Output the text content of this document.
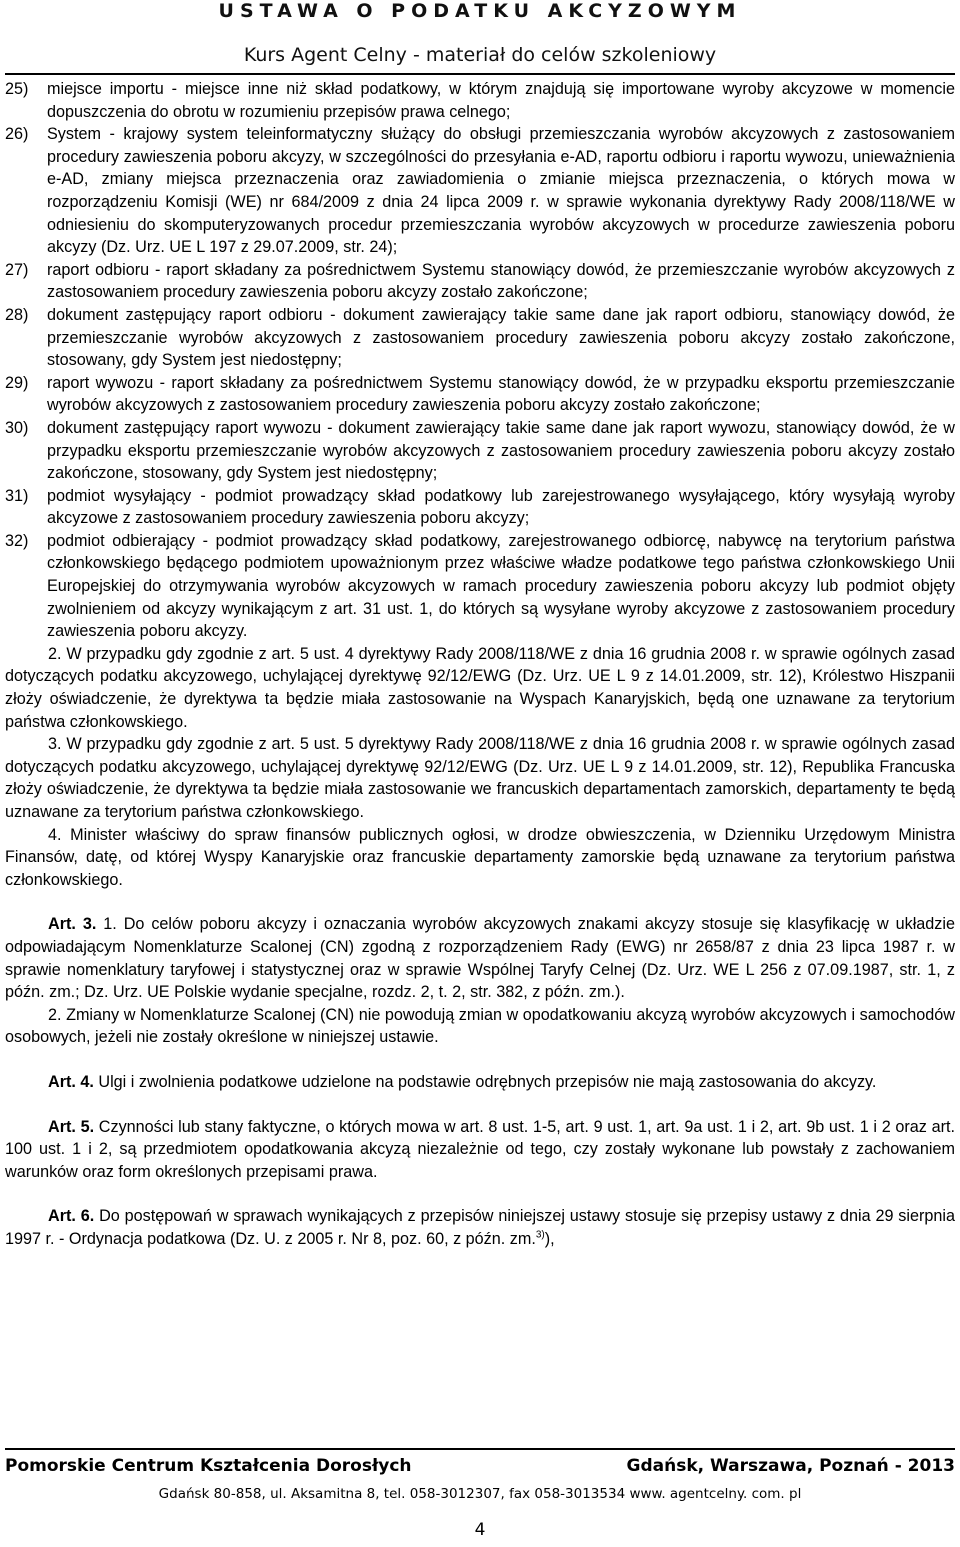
USTAWA O PODATKU AKCYZOWYM
Kurs Agent Celny - materiał do celów szkoleniowy
25)	miejsce importu - miejsce inne niż skład podatkowy, w którym znajdują się importowane wyroby akcyzowe w momencie dopuszczenia do obrotu w rozumieniu przepisów prawa celnego;
26)	System - krajowy system teleinformatyczny służący do obsługi przemieszczania wyrobów akcyzowych z zastosowaniem procedury zawieszenia poboru akcyzy, w szczególności do przesyłania e-AD, raportu odbioru i raportu wywozu, unieważnienia e-AD, zmiany miejsca przeznaczenia oraz zawiadomienia o zmianie miejsca przeznaczenia, o których mowa w rozporządzeniu Komisji (WE) nr 684/2009 z dnia 24 lipca 2009 r. w sprawie wykonania dyrektywy Rady 2008/118/WE w odniesieniu do skomputeryzowanych procedur przemieszczania wyrobów akcyzowych w procedurze zawieszenia poboru akcyzy (Dz. Urz. UE L 197 z 29.07.2009, str. 24);
27)	raport odbioru - raport składany za pośrednictwem Systemu stanowiący dowód, że przemieszczanie wyrobów akcyzowych z zastosowaniem procedury zawieszenia poboru akcyzy zostało zakończone;
28)	dokument zastępujący raport odbioru - dokument zawierający takie same dane jak raport odbioru, stanowiący dowód, że przemieszczanie wyrobów akcyzowych z zastosowaniem procedury zawieszenia poboru akcyzy zostało zakończone, stosowany, gdy System jest niedostępny;
29)	raport wywozu - raport składany za pośrednictwem Systemu stanowiący dowód, że w przypadku eksportu przemieszczanie wyrobów akcyzowych z zastosowaniem procedury zawieszenia poboru akcyzy zostało zakończone;
30)	dokument zastępujący raport wywozu - dokument zawierający takie same dane jak raport wywozu, stanowiący dowód, że w przypadku eksportu przemieszczanie wyrobów akcyzowych z zastosowaniem procedury zawieszenia poboru akcyzy zostało zakończone, stosowany, gdy System jest niedostępny;
31)	podmiot wysyłający - podmiot prowadzący skład podatkowy lub zarejestrowanego wysyłającego, który wysyłają wyroby akcyzowe z zastosowaniem procedury zawieszenia poboru akcyzy;
32)	podmiot odbierający - podmiot prowadzący skład podatkowy, zarejestrowanego odbiorcę, nabywcę na terytorium państwa członkowskiego będącego podmiotem upoważnionym przez właściwe władze podatkowe tego państwa członkowskiego Unii Europejskiej do otrzymywania wyrobów akcyzowych w ramach procedury zawieszenia poboru akcyzy lub podmiot objęty zwolnieniem od akcyzy wynikającym z art. 31 ust. 1, do których są wysyłane wyroby akcyzowe z zastosowaniem procedury zawieszenia poboru akcyzy.

2. W przypadku gdy zgodnie z art. 5 ust. 4 dyrektywy Rady 2008/118/WE z dnia 16 grudnia 2008 r. w sprawie ogólnych zasad dotyczących podatku akcyzowego, uchylającej dyrektywę 92/12/EWG (Dz. Urz. UE L 9 z 14.01.2009, str. 12), Królestwo Hiszpanii złoży oświadczenie, że dyrektywa ta będzie miała zastosowanie na Wyspach Kanaryjskich, będą one uznawane za terytorium państwa członkowskiego.

3. W przypadku gdy zgodnie z art. 5 ust. 5 dyrektywy Rady 2008/118/WE z dnia 16 grudnia 2008 r. w sprawie ogólnych zasad dotyczących podatku akcyzowego, uchylającej dyrektywę 92/12/EWG (Dz. Urz. UE L 9 z 14.01.2009, str. 12), Republika Francuska złoży oświadczenie, że dyrektywa ta będzie miała zastosowanie we francuskich departamentach zamorskich, departamenty te będą uznawane za terytorium państwa członkowskiego.

4. Minister właściwy do spraw finansów publicznych ogłosi, w drodze obwieszczenia, w Dzienniku Urzędowym Ministra Finansów, datę, od której Wyspy Kanaryjskie oraz francuskie departamenty zamorskie będą uznawane za terytorium państwa członkowskiego.

Art. 3. 1. Do celów poboru akcyzy i oznaczania wyrobów akcyzowych znakami akcyzy stosuje się klasyfikację w układzie odpowiadającym Nomenklaturze Scalonej (CN) zgodną z rozporządzeniem Rady (EWG) nr 2658/87 z dnia 23 lipca 1987 r. w sprawie nomenklatury taryfowej i statystycznej oraz w sprawie Wspólnej Taryfy Celnej (Dz. Urz. WE L 256 z 07.09.1987, str. 1, z późn. zm.; Dz. Urz. UE Polskie wydanie specjalne, rozdz. 2, t. 2, str. 382, z późn. zm.).

2. Zmiany w Nomenklaturze Scalonej (CN) nie powodują zmian w opodatkowaniu akcyzą wyrobów akcyzowych i samochodów osobowych, jeżeli nie zostały określone w niniejszej ustawie.

Art. 4. Ulgi i zwolnienia podatkowe udzielone na podstawie odrębnych przepisów nie mają zastosowania do akcyzy.

Art. 5. Czynności lub stany faktyczne, o których mowa w art. 8 ust. 1-5, art. 9 ust. 1, art. 9a ust. 1 i 2, art. 9b ust. 1 i 2 oraz art. 100 ust. 1 i 2, są przedmiotem opodatkowania akcyzą niezależnie od tego, czy zostały wykonane lub powstały z zachowaniem warunków oraz form określonych przepisami prawa.

Art. 6. Do postępowań w sprawach wynikających z przepisów niniejszej ustawy stosuje się przepisy ustawy z dnia 29 sierpnia 1997 r. - Ordynacja podatkowa (Dz. U. z 2005 r. Nr 8, poz. 60, z późn. zm.$^{3)}$),

Pomorskie Centrum Kształcenia Dorosłych	Gdańsk, Warszawa, Poznań - 2013
Gdańsk 80-858, ul. Aksamitna 8, tel. 058-3012307, fax 058-3013534 www. agentcelny. com. pl
4
